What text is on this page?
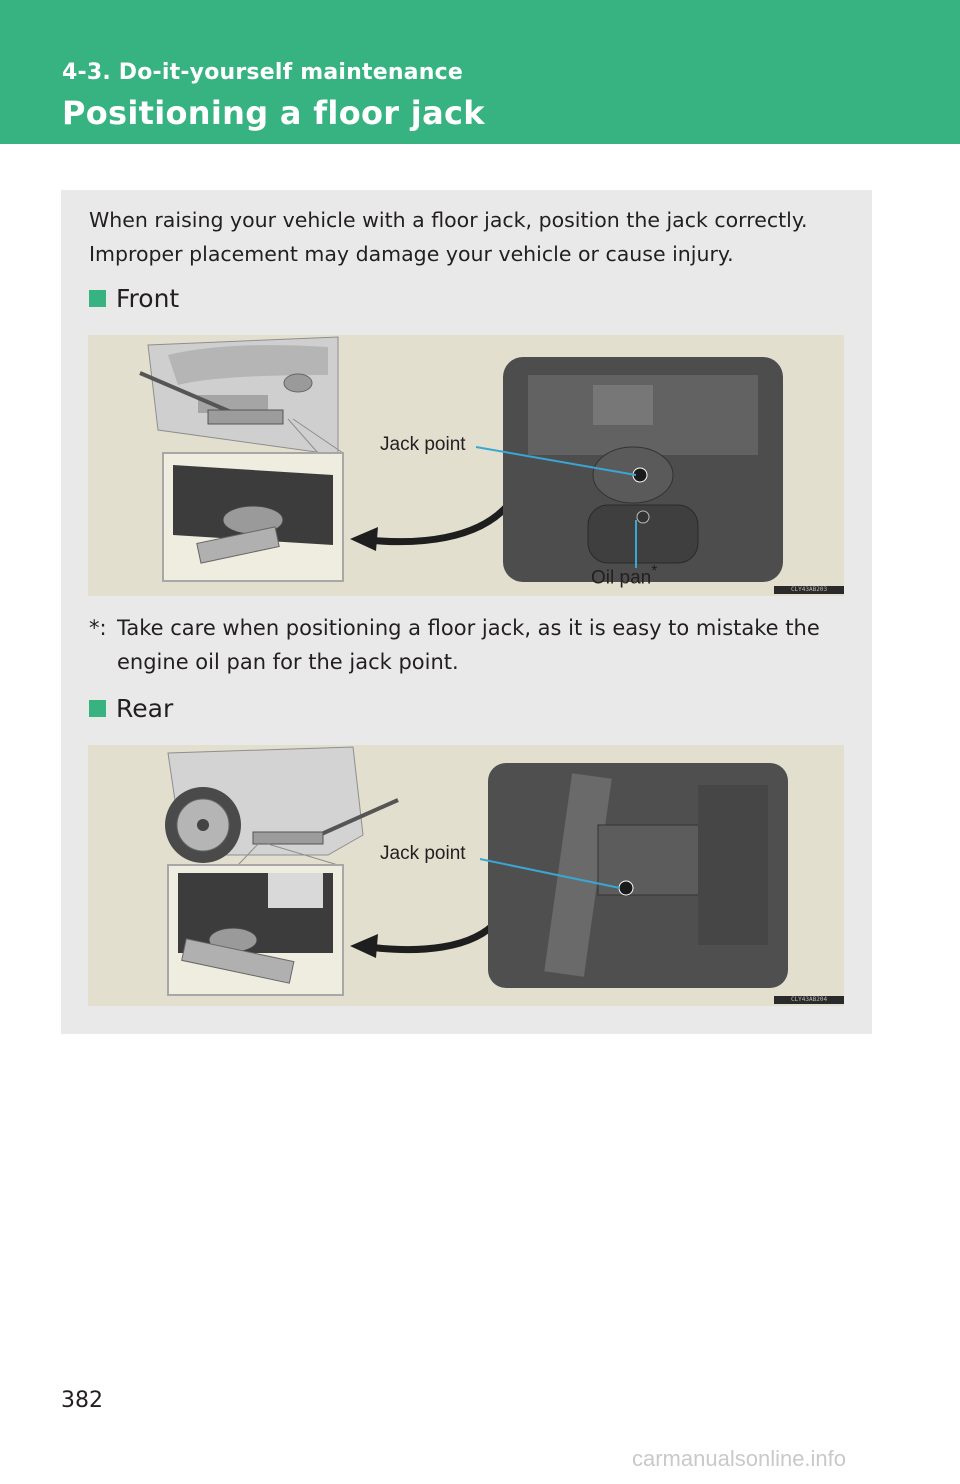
4-3. Do-it-yourself maintenance
Positioning a floor jack
When raising your vehicle with a floor jack, position the jack correctly. Improper placement may damage your vehicle or cause injury.
Front
Jack point
Oil pan*
CLY43AB203
*: Take care when positioning a floor jack, as it is easy to mistake the engine oil pan for the jack point.
Rear
Jack point
CLY43AB204
382
carmanualsonline.info
